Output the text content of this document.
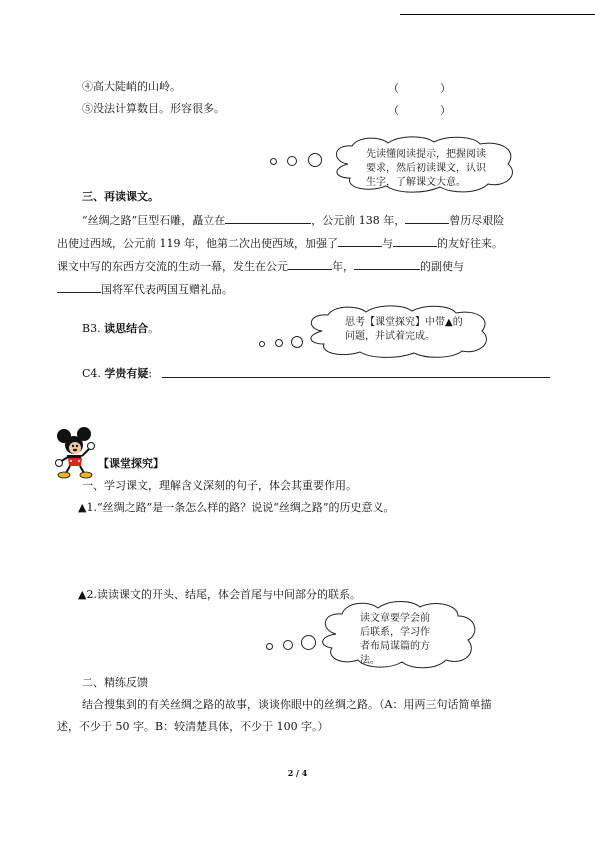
④高大陡峭的山岭。	（	）
⑤没法计算数目。形容很多。	（	）
先读懂阅读提示，把握阅读要求，然后初读课文，认识生字，了解课文大意。
三、再读课文。
“丝绸之路”巨型石雕，矗立在	，公元前 138 年，	曾历尽艰险
出使过西域，公元前 119 年，他第二次出使西域，加强了	与	的友好往来。
课文中写的东西方交流的生动一幕，发生在公元	年，	的副使与
国将军代表两国互赠礼品。
B3. 读思结合。	思考【课堂探究】中带▲的问题，并试着完成。
C4. 学贵有疑:
【课堂探究】
一、学习课文，理解含义深刻的句子，体会其重要作用。
▲1.“丝绸之路”是一条怎么样的路？说说“丝绸之路”的历史意义。
▲2.读读课文的开头、结尾，体会首尾与中间部分的联系。
读文章要学会前后联系，学习作者布局谋篇的方法。
二、精练反馈
结合搜集到的有关丝绸之路的故事，谈谈你眼中的丝绸之路。（A：用两三句话简单描
述，不少于 50 字。B：较清楚具体，不少于 100 字。）
2 / 4
